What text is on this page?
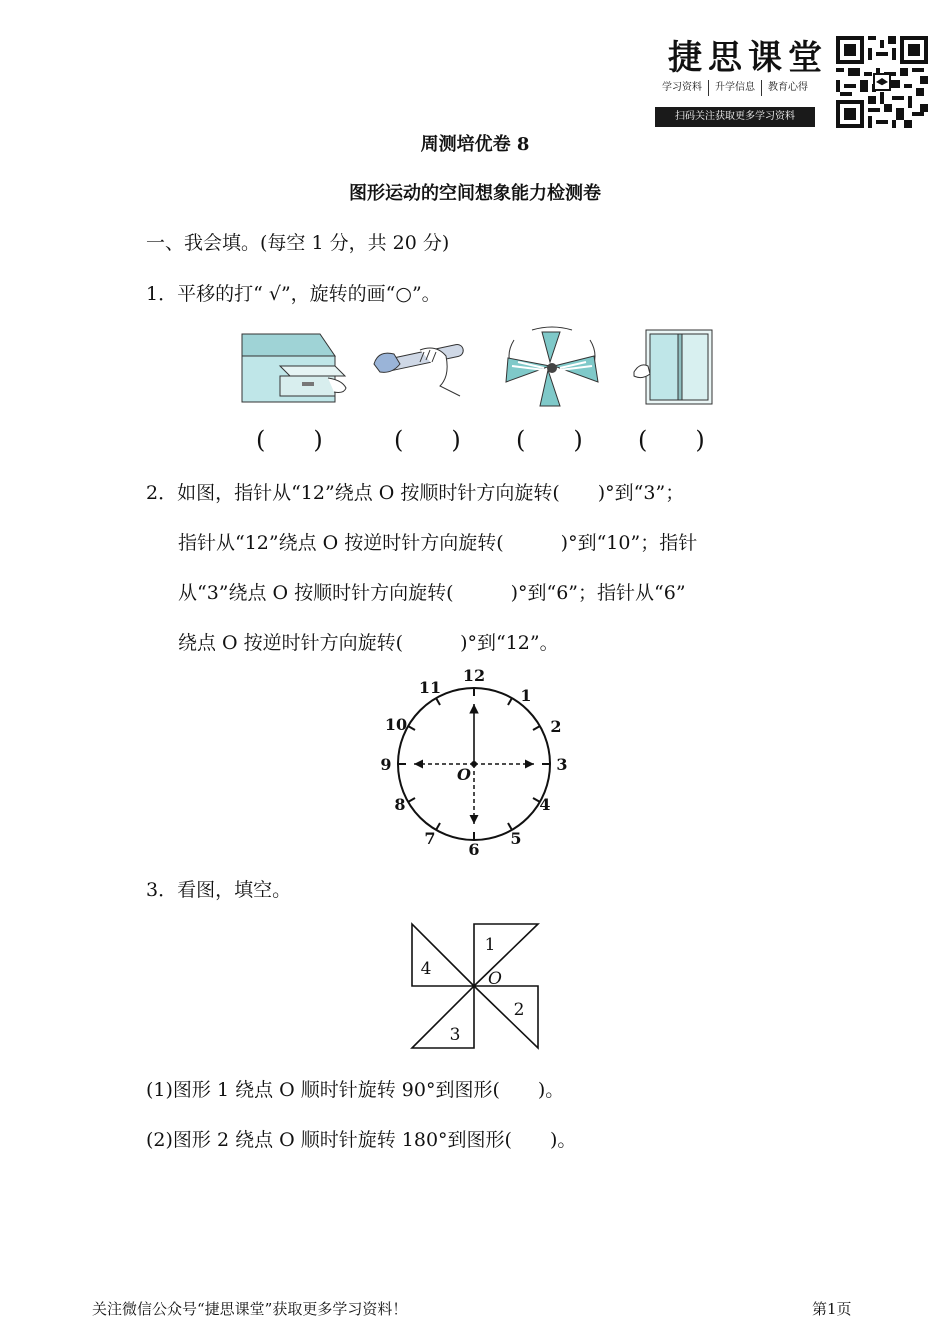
捷思课堂
学习资料	升学信息	教育心得
扫码关注获取更多学习资料
周测培优卷 8
图形运动的空间想象能力检测卷
一、我会填。(每空 1 分，共 20 分)
1．平移的打“ √”，旋转的画“○”。
(　　)	(　　) (　　) (　　)
2．如图，指针从“12”绕点 O 按顺时针方向旋转(　　)°到“3”；
指针从“12”绕点 O 按逆时针方向旋转(　　　)°到“10”；指针
从“3”绕点 O 按顺时针方向旋转(　　　)°到“6”；指针从“6”
绕点 O 按逆时针方向旋转(　　　)°到“12”。
12
1
2
3
4
5
6
7
8
9
10
11
O
3．看图，填空。
1
2
3
4	O
(1)图形 1 绕点 O 顺时针旋转 90°到图形(　　)。
(2)图形 2 绕点 O 顺时针旋转 180°到图形(　　)。
关注微信公众号“捷思课堂”获取更多学习资料！	第1页
